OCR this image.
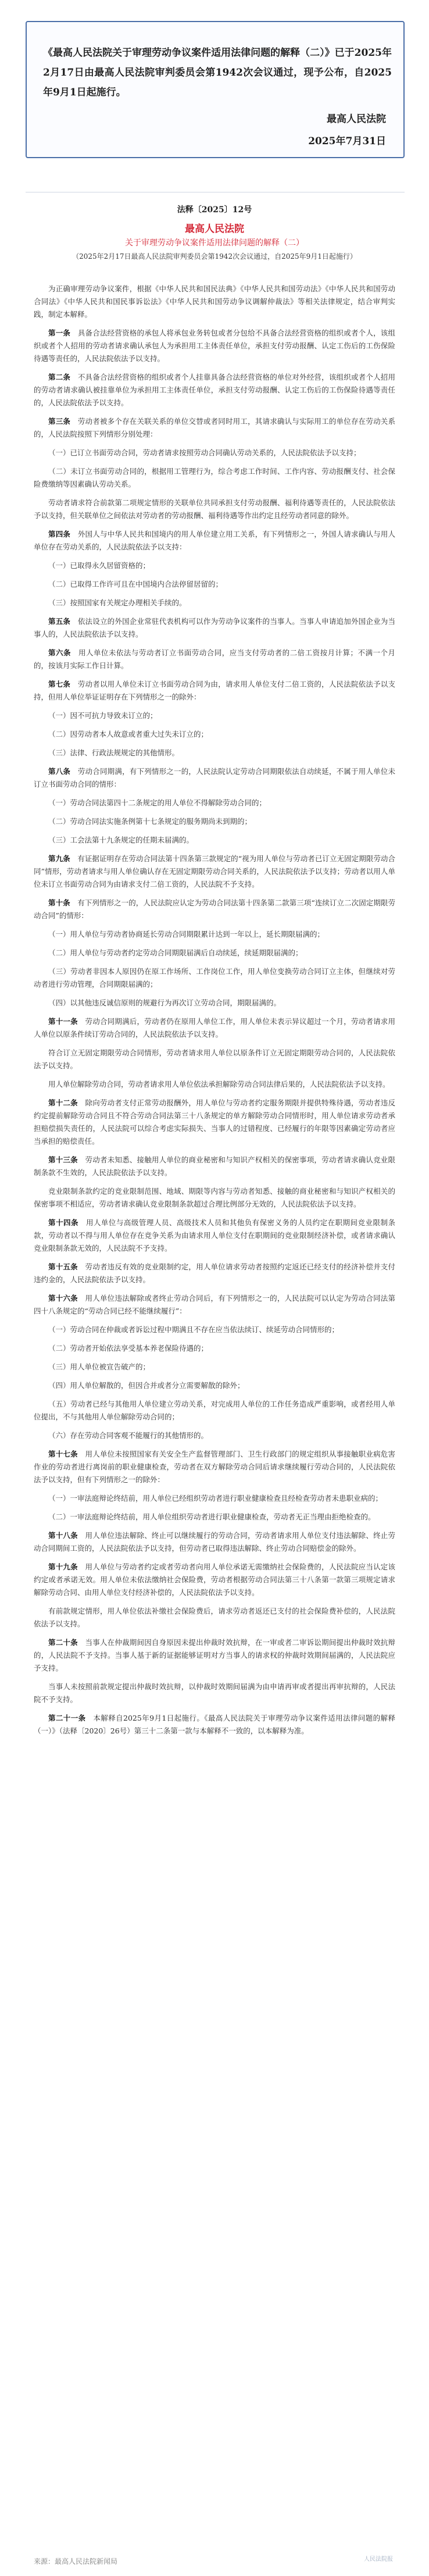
《最高人民法院关于审理劳动争议案件适用法律问题的解释（二）》已于2025年2月17日由最高人民法院审判委员会第1942次会议通过，现予公布，自2025年9月1日起施行。
最高人民法院
2025年7月31日
法释〔2025〕12号
最高人民法院
关于审理劳动争议案件适用法律问题的解释（二）
（2025年2月17日最高人民法院审判委员会第1942次会议通过，自2025年9月1日起施行）
为正确审理劳动争议案件，根据《中华人民共和国民法典》《中华人民共和国劳动法》《中华人民共和国劳动合同法》《中华人民共和国民事诉讼法》《中华人民共和国劳动争议调解仲裁法》等相关法律规定，结合审判实践，制定本解释。
第一条　 具备合法经营资格的承包人将承包业务转包或者分包给不具备合法经营资格的组织或者个人，该组织或者个人招用的劳动者请求确认承包人为承担用工主体责任单位，承担支付劳动报酬、认定工伤后的工伤保险待遇等责任的，人民法院依法予以支持。
第二条　 不具备合法经营资格的组织或者个人挂靠具备合法经营资格的单位对外经营，该组织或者个人招用的劳动者请求确认被挂靠单位为承担用工主体责任单位，承担支付劳动报酬、认定工伤后的工伤保险待遇等责任的，人民法院依法予以支持。
第三条　 劳动者被多个存在关联关系的单位交替或者同时用工，其请求确认与实际用工的单位存在劳动关系的，人民法院按照下列情形分别处理：
（一）已订立书面劳动合同，劳动者请求按照劳动合同确认劳动关系的，人民法院依法予以支持；
（二）未订立书面劳动合同的，根据用工管理行为，综合考虑工作时间、工作内容、劳动报酬支付、社会保险费缴纳等因素确认劳动关系。
劳动者请求符合前款第二项规定情形的关联单位共同承担支付劳动报酬、福利待遇等责任的，人民法院依法予以支持，但关联单位之间依法对劳动者的劳动报酬、福利待遇等作出约定且经劳动者同意的除外。
第四条　 外国人与中华人民共和国境内的用人单位建立用工关系，有下列情形之一，外国人请求确认与用人单位存在劳动关系的，人民法院依法予以支持：
（一）已取得永久居留资格的；
（二）已取得工作许可且在中国境内合法停留居留的；
（三）按照国家有关规定办理相关手续的。
第五条　 依法设立的外国企业常驻代表机构可以作为劳动争议案件的当事人。当事人申请追加外国企业为当事人的，人民法院依法予以支持。
第六条　 用人单位未依法与劳动者订立书面劳动合同，应当支付劳动者的二倍工资按月计算；不满一个月的，按该月实际工作日计算。
第七条　 劳动者以用人单位未订立书面劳动合同为由，请求用人单位支付二倍工资的，人民法院依法予以支持，但用人单位举证证明存在下列情形之一的除外：
（一）因不可抗力导致未订立的；
（二）因劳动者本人故意或者重大过失未订立的；
（三）法律、行政法规规定的其他情形。
第八条　 劳动合同期满，有下列情形之一的，人民法院认定劳动合同期限依法自动续延，不属于用人单位未订立书面劳动合同的情形：
（一）劳动合同法第四十二条规定的用人单位不得解除劳动合同的；
（二）劳动合同法实施条例第十七条规定的服务期尚未到期的；
（三）工会法第十九条规定的任期未届满的。
第九条　 有证据证明存在劳动合同法第十四条第三款规定的“视为用人单位与劳动者已订立无固定期限劳动合同”情形，劳动者请求与用人单位确认存在无固定期限劳动合同关系的，人民法院依法予以支持；劳动者以用人单位未订立书面劳动合同为由请求支付二倍工资的，人民法院不予支持。
第十条　 有下列情形之一的，人民法院应认定为劳动合同法第十四条第二款第三项“连续订立二次固定期限劳动合同”的情形：
（一）用人单位与劳动者协商延长劳动合同期限累计达到一年以上，延长期限届满的；
（二）用人单位与劳动者约定劳动合同期限届满后自动续延，续延期限届满的；
（三）劳动者非因本人原因仍在原工作场所、工作岗位工作，用人单位变换劳动合同订立主体，但继续对劳动者进行劳动管理，合同期限届满的；
（四）以其他违反诚信原则的规避行为再次订立劳动合同，期限届满的。
第十一条　 劳动合同期满后，劳动者仍在原用人单位工作，用人单位未表示异议超过一个月，劳动者请求用人单位以原条件续订劳动合同的，人民法院依法予以支持。
符合订立无固定期限劳动合同情形，劳动者请求用人单位以原条件订立无固定期限劳动合同的，人民法院依法予以支持。
用人单位解除劳动合同，劳动者请求用人单位依法承担解除劳动合同法律后果的，人民法院依法予以支持。
第十二条　 除向劳动者支付正常劳动报酬外，用人单位与劳动者约定服务期限并提供特殊待遇，劳动者违反约定提前解除劳动合同且不符合劳动合同法第三十八条规定的单方解除劳动合同情形时，用人单位请求劳动者承担赔偿损失责任的，人民法院可以综合考虑实际损失、当事人的过错程度、已经履行的年限等因素确定劳动者应当承担的赔偿责任。
第十三条　 劳动者未知悉、接触用人单位的商业秘密和与知识产权相关的保密事项，劳动者请求确认竞业限制条款不生效的，人民法院依法予以支持。
竞业限制条款约定的竞业限制范围、地域、期限等内容与劳动者知悉、接触的商业秘密和与知识产权相关的保密事项不相适应，劳动者请求确认竞业限制条款超过合理比例部分无效的，人民法院依法予以支持。
第十四条　 用人单位与高级管理人员、高级技术人员和其他负有保密义务的人员约定在职期间竞业限制条款，劳动者以不得与用人单位存在竞争关系为由请求用人单位支付在职期间的竞业限制经济补偿，或者请求确认竞业限制条款无效的，人民法院不予支持。
第十五条　 劳动者违反有效的竞业限制约定，用人单位请求劳动者按照约定返还已经支付的经济补偿并支付违约金的，人民法院依法予以支持。
第十六条　 用人单位违法解除或者终止劳动合同后，有下列情形之一的，人民法院可以认定为劳动合同法第四十八条规定的“劳动合同已经不能继续履行”：
（一）劳动合同在仲裁或者诉讼过程中期满且不存在应当依法续订、续延劳动合同情形的；
（二）劳动者开始依法享受基本养老保险待遇的；
（三）用人单位被宣告破产的；
（四）用人单位解散的，但因合并或者分立需要解散的除外；
（五）劳动者已经与其他用人单位建立劳动关系，对完成用人单位的工作任务造成严重影响，或者经用人单位提出，不与其他用人单位解除劳动合同的；
（六）存在劳动合同客观不能履行的其他情形的。
第十七条　 用人单位未按照国家有关安全生产监督管理部门、卫生行政部门的规定组织从事接触职业病危害作业的劳动者进行离岗前的职业健康检查，劳动者在双方解除劳动合同后请求继续履行劳动合同的，人民法院依法予以支持，但有下列情形之一的除外：
（一）一审法庭辩论终结前，用人单位已经组织劳动者进行职业健康检查且经检查劳动者未患职业病的；
（二）一审法庭辩论终结前，用人单位组织劳动者进行职业健康检查，劳动者无正当理由拒绝检查的。
第十八条　 用人单位违法解除、终止可以继续履行的劳动合同，劳动者请求用人单位支付违法解除、终止劳动合同期间工资的，人民法院依法予以支持，但劳动者已取得违法解除、终止劳动合同赔偿金的除外。
第十九条　 用人单位与劳动者约定或者劳动者向用人单位承诺无需缴纳社会保险费的，人民法院应当认定该约定或者承诺无效。用人单位未依法缴纳社会保险费，劳动者根据劳动合同法第三十八条第一款第三项规定请求解除劳动合同、由用人单位支付经济补偿的，人民法院依法予以支持。
有前款规定情形，用人单位依法补缴社会保险费后，请求劳动者返还已支付的社会保险费补偿的，人民法院依法予以支持。
第二十条　 当事人在仲裁期间因自身原因未提出仲裁时效抗辩，在一审或者二审诉讼期间提出仲裁时效抗辩的，人民法院不予支持。当事人基于新的证据能够证明对方当事人的请求权的仲裁时效期间届满的，人民法院应予支持。
当事人未按照前款规定提出仲裁时效抗辩，以仲裁时效期间届满为由申请再审或者提出再审抗辩的，人民法院不予支持。
第二十一条　 本解释自2025年9月1日起施行。《最高人民法院关于审理劳动争议案件适用法律问题的解释（一）》（法释〔2020〕26号）第三十二条第一款与本解释不一致的，以本解释为准。
来源：最高人民法院新闻局	人民法院报
